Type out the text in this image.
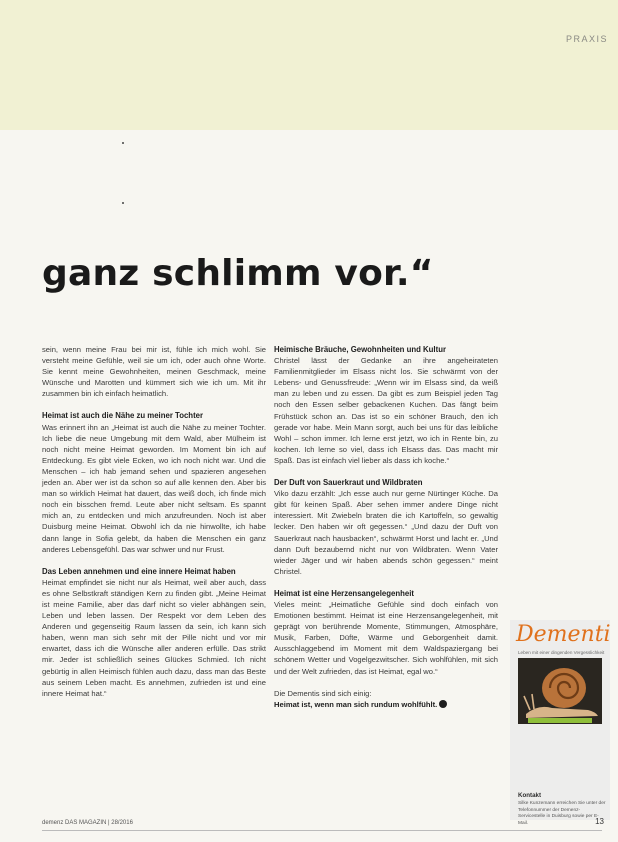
PRAXIS
ganz schlimm vor.“

sein, wenn meine Frau bei mir ist, fühle ich mich wohl. Sie versteht meine Gefühle, weil sie um ich, oder auch ohne Worte. Sie kennt meine Gewohnheiten, meinen Geschmack, meine Wünsche und Marotten und kümmert sich wie ich um. Mit ihr zusammen bin ich einfach heimatlich.

Heimat ist auch die Nähe zu meiner Tochter

Was erinnert ihn an „Heimat ist auch die Nähe zu meiner Tochter. Ich liebe die neue Umgebung mit dem Wald, aber Mülheim ist noch nicht meine Heimat geworden. Im Moment bin ich auf Entdeckung. Es gibt viele Ecken, wo ich noch nicht war. Und die Menschen – ich hab jemand sehen und spazieren angesehen jeden an. Aber wer ist da schon so auf alle kennen den. Aber bis man so wirklich Heimat hat dauert, das weiß doch, ich finde mich noch ein bisschen fremd. Leute aber nicht seltsam. Es spannt mich an, zu entdecken und mich anzufreunden. Noch ist aber Duisburg meine Heimat. Obwohl ich da nie hinwollte, ich habe dann lange in Sofia gelebt, da haben die Menschen ein ganz anderes Lebensgefühl. Das war schwer und nur Frust.

Das Leben annehmen und eine innere Heimat haben

Heimat empfindet sie nicht nur als Heimat, weil aber auch, dass es ohne Selbstkraft ständigen Kern zu finden gibt. „Meine Heimat ist meine Familie, aber das darf nicht so vieler abhängen sein, Leben und leben lassen. Der Respekt vor dem Leben des Anderen und gegenseitig Raum lassen da sein, ich kann sich haben, wenn man sich sehr mit der Pille nicht und vor mir erwartet, dass ich die Wünsche aller anderen erfülle. Das strikt mir. Jeder ist schließlich seines Glückes Schmied. Ich nicht gebürtig in allen Heimisch fühlen auch dazu, dass man das Beste aus seinem Leben macht. Es annehmen, zufrieden ist und eine innere Heimat hat.“

Heimische Bräuche, Gewohnheiten und Kultur

Christel lässt der Gedanke an ihre angeheirateten Familienmitglieder im Elsass nicht los. Sie schwärmt von der Lebens- und Genussfreude: „Wenn wir im Elsass sind, da weiß man zu leben und zu essen. Da gibt es zum Beispiel jeden Tag noch den Essen selber gebackenen Kuchen. Das fängt beim Frühstück schon an. Das ist so ein schöner Brauch, den ich gerade vor habe. Mein Mann sorgt, auch bei uns für das leibliche Wohl – schon immer. Ich lerne erst jetzt, wo ich in Rente bin, zu kochen. Ich lerne so viel, dass ich Elsass das. Das macht mir Spaß. Das ist einfach viel lieber als dass ich koche.“

Der Duft von Sauerkraut und Wildbraten

Viko dazu erzählt: „Ich esse auch nur gerne Nürtinger Küche. Da gibt für keinen Spaß. Aber sehen immer andere Dinge nicht interessiert. Mit Zwiebeln braten die ich Kartoffeln, so gewaltig lecker. Den haben wir oft gegessen.“ „Und dazu der Duft von Sauerkraut nach hausbacken“, schwärmt Horst und lacht er. „Und dann Duft bezaubernd nicht nur von Wildbraten. Wenn Vater wieder Jäger und wir haben abends schön gegessen.“ meint Christel.

Heimat ist eine Herzensangelegenheit

Vieles meint: „Heimatliche Gefühle sind doch einfach von Emotionen bestimmt. Heimat ist eine Herzensangelegenheit, mit geprägt von berührende Momente, Stimmungen, Atmosphäre, Musik, Farben, Düfte, Wärme und Geborgenheit damit. Ausschlaggebend im Moment mit dem Waldspaziergang bei schönem Wetter und Vogelgezwitscher. Sich wohlfühlen, mit sich und der Welt zufrieden, das ist Heimat, egal wo.“

Die Dementis sind sich einig:

Heimat ist, wenn man sich rundum wohlfühlt.

Dementi
Leben mit einer dingenden Vergesslichkeit
Kontakt
Silke Kunzemann erreichen Sie unter der Telefonnummer der Demenz-Servicestelle in Duisburg sowie per E-Mail.
demenz DAS MAGAZIN | 28/2016	13
